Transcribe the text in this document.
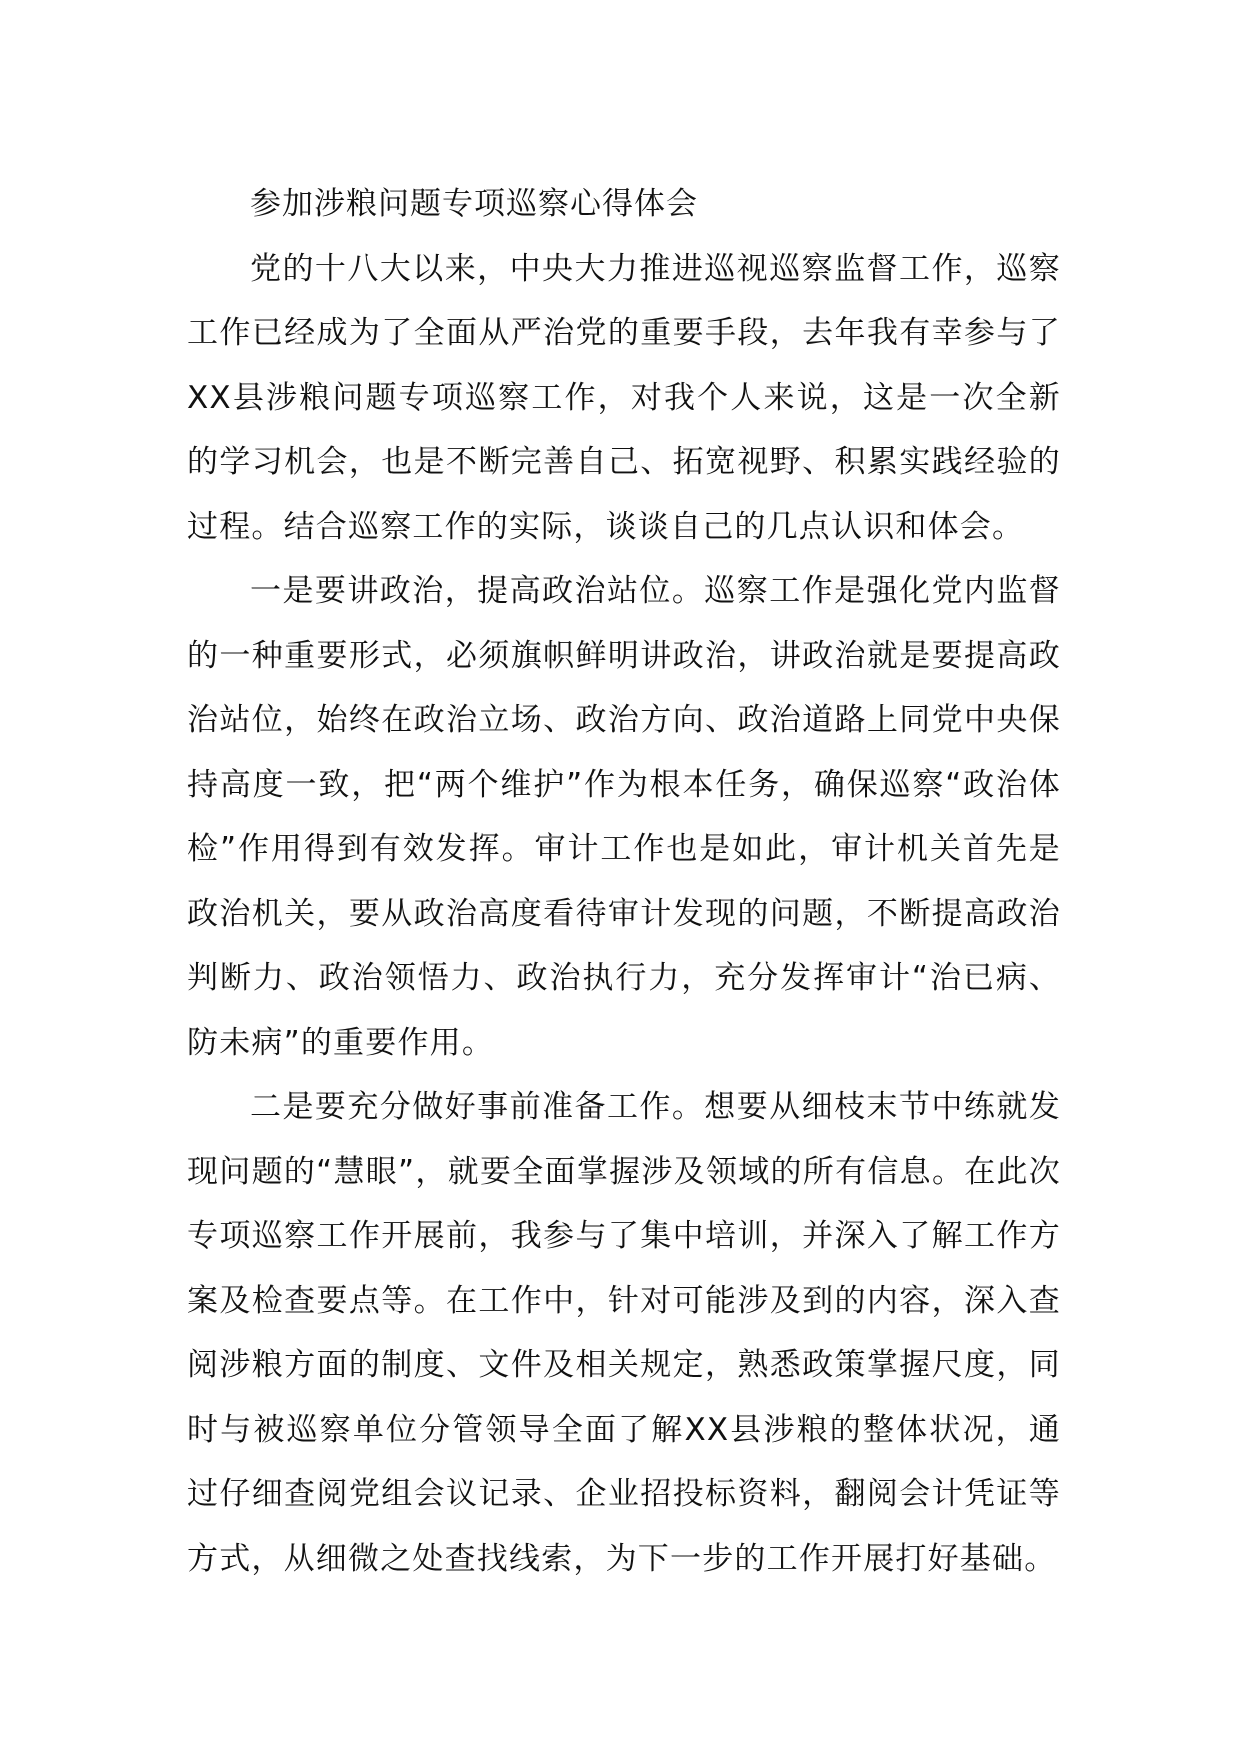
参加涉粮问题专项巡察心得体会

党的十八大以来，中央大力推进巡视巡察监督工作，巡察工作已经成为了全面从严治党的重要手段，去年我有幸参与了XX县涉粮问题专项巡察工作，对我个人来说，这是一次全新的学习机会，也是不断完善自己、拓宽视野、积累实践经验的过程。结合巡察工作的实际，谈谈自己的几点认识和体会。

一是要讲政治，提高政治站位。巡察工作是强化党内监督的一种重要形式，必须旗帜鲜明讲政治，讲政治就是要提高政治站位，始终在政治立场、政治方向、政治道路上同党中央保持高度一致，把“两个维护”作为根本任务，确保巡察“政治体检”作用得到有效发挥。审计工作也是如此，审计机关首先是政治机关，要从政治高度看待审计发现的问题，不断提高政治判断力、政治领悟力、政治执行力，充分发挥审计“治已病、防未病”的重要作用。

二是要充分做好事前准备工作。想要从细枝末节中练就发现问题的“慧眼”，就要全面掌握涉及领域的所有信息。在此次专项巡察工作开展前，我参与了集中培训，并深入了解工作方案及检查要点等。在工作中，针对可能涉及到的内容，深入查阅涉粮方面的制度、文件及相关规定，熟悉政策掌握尺度，同时与被巡察单位分管领导全面了解XX县涉粮的整体状况，通过仔细查阅党组会议记录、企业招投标资料，翻阅会计凭证等方式，从细微之处查找线索，为下一步的工作开展打好基础。
